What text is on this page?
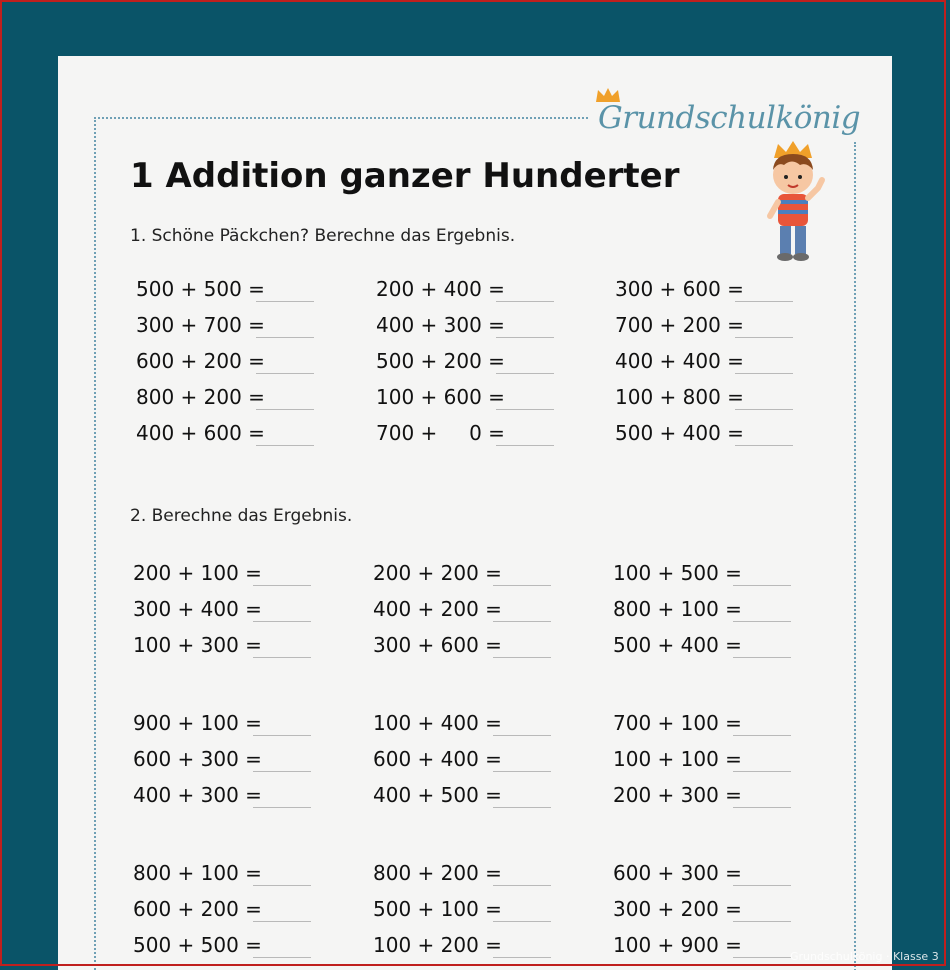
Grundschulkönig
1 Addition ganzer Hunderter
1. Schöne Päckchen? Berechne das Ergebnis.
500 + 500 =
300 + 700 =
600 + 200 =
800 + 200 =
400 + 600 =
200 + 400 =
400 + 300 =
500 + 200 =
100 + 600 =
700 +     0 =
300 + 600 =
700 + 200 =
400 + 400 =
100 + 800 =
500 + 400 =
2. Berechne das Ergebnis.
200 + 100 =
300 + 400 =
100 + 300 =
200 + 200 =
400 + 200 =
300 + 600 =
100 + 500 =
800 + 100 =
500 + 400 =
900 + 100 =
600 + 300 =
400 + 300 =
100 + 400 =
600 + 400 =
400 + 500 =
700 + 100 =
100 + 100 =
200 + 300 =
800 + 100 =
600 + 200 =
500 + 500 =
800 + 200 =
500 + 100 =
100 + 200 =
600 + 300 =
300 + 200 =
100 + 900 =	Grundschulkönig · Klasse 3
